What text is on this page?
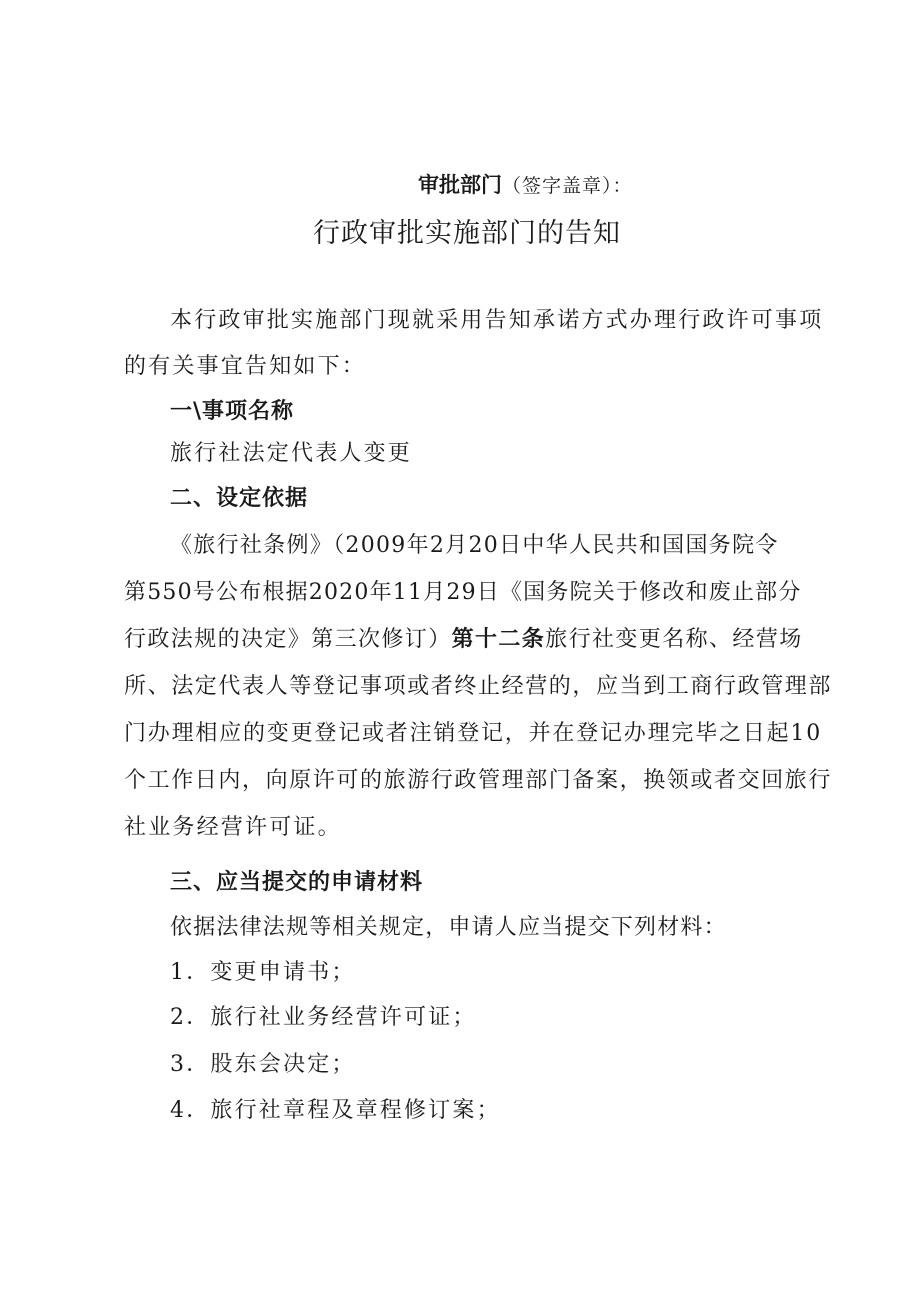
审批部门（签字盖章）：
行政审批实施部门的告知
本行政审批实施部门现就采用告知承诺方式办理行政许可事项
的有关事宜告知如下：
一\事项名称
旅行社法定代表人变更
二、设定依据
《旅行社条例》（2009年2月20日中华人民共和国国务院令
第550号公布根据2020年11月29日《国务院关于修改和废止部分
行政法规的决定》第三次修订）第十二条旅行社变更名称、经营场
所、法定代表人等登记事项或者终止经营的，应当到工商行政管理部
门办理相应的变更登记或者注销登记，并在登记办理完毕之日起10
个工作日内，向原许可的旅游行政管理部门备案，换领或者交回旅行
社业务经营许可证。
三、应当提交的申请材料
依据法律法规等相关规定，申请人应当提交下列材料：
1．变更申请书；
2．旅行社业务经营许可证；
3．股东会决定；
4．旅行社章程及章程修订案；
